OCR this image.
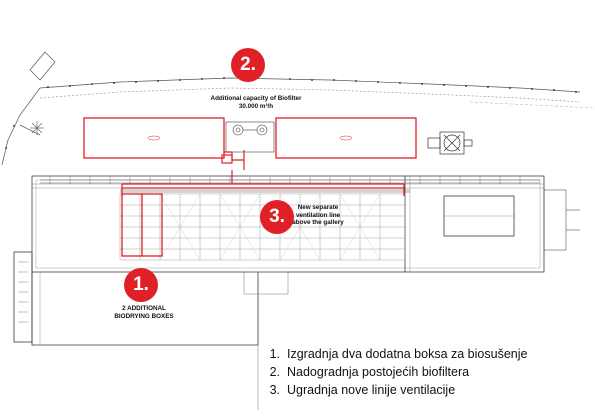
2.
3.
1.
Additional capacity of Biofilter
30.000 m³/h
New separate
ventilation line
above the gallery
2 ADDITIONAL
BIODRYING BOXES
1. Izgradnja dva dodatna boksa za biosušenje
2. Nadogradnja postojećih biofiltera
3. Ugradnja nove linije ventilacije
